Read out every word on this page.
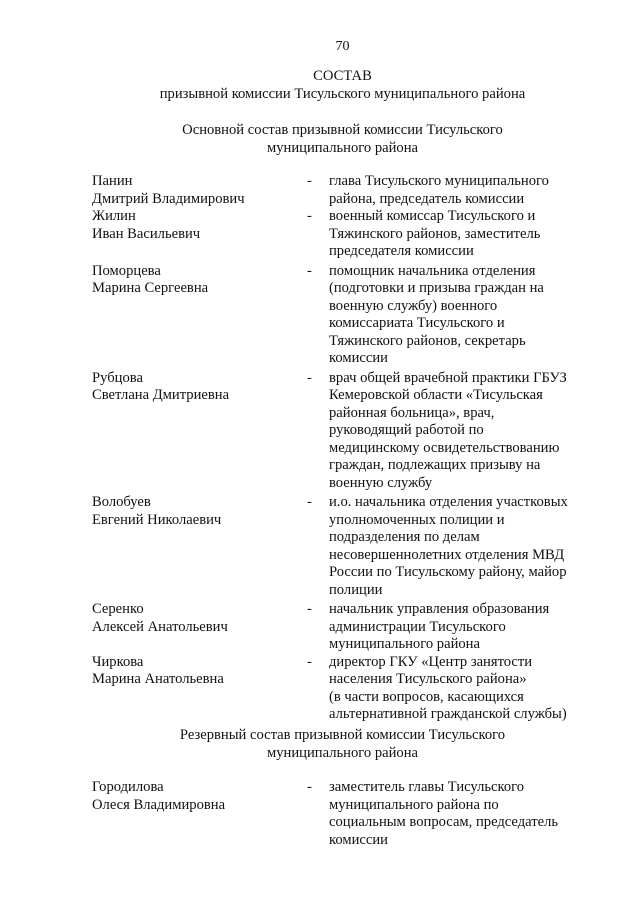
70
СОСТАВ
призывной комиссии Тисульского муниципального района
Основной состав призывной комиссии Тисульского
муниципального района
Панин
Дмитрий Владимирович
-	глава Тисульского муниципального
района, председатель комиссии
Жилин
Иван Васильевич
-	военный комиссар Тисульского и
Тяжинского районов, заместитель
председателя комиссии
Поморцева
Марина Сергеевна
-	помощник начальника отделения
(подготовки и призыва граждан на
военную службу) военного
комиссариата Тисульского и
Тяжинского районов, секретарь
комиссии
Рубцова
Светлана Дмитриевна
-	врач общей врачебной практики ГБУЗ
Кемеровской области «Тисульская
районная больница», врач,
руководящий работой по
медицинскому освидетельствованию
граждан, подлежащих призыву на
военную службу
Волобуев
Евгений Николаевич
-	и.о. начальника отделения участковых
уполномоченных полиции и
подразделения по делам
несовершеннолетних отделения МВД
России по Тисульскому району, майор
полиции
Серенко
Алексей Анатольевич
-	начальник управления образования
администрации Тисульского
муниципального района
Чиркова
Марина Анатольевна
-	директор ГКУ «Центр занятости
населения Тисульского района»
(в части вопросов, касающихся
альтернативной гражданской службы)
Резервный состав призывной комиссии Тисульского
муниципального района
Городилова
Олеся Владимировна
-	заместитель главы Тисульского
муниципального района по
социальным вопросам, председатель
комиссии
